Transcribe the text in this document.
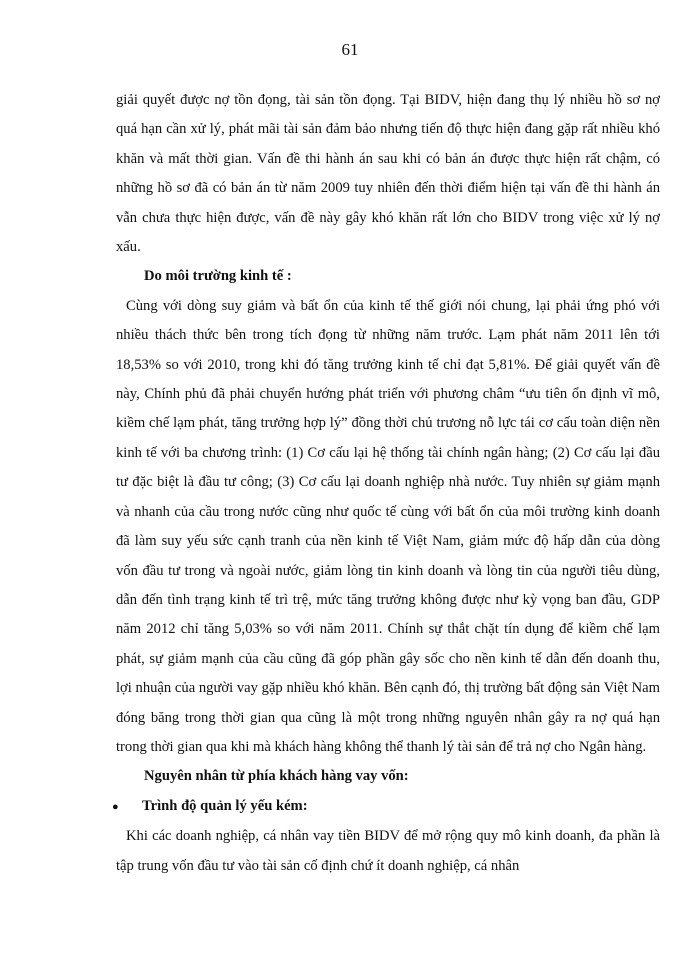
61

giải quyết được nợ tồn đọng, tài sản tồn đọng. Tại BIDV, hiện đang thụ lý nhiều hồ sơ nợ quá hạn cần xử lý, phát mãi tài sản đảm bảo nhưng tiến độ thực hiện đang gặp rất nhiều khó khăn và mất thời gian. Vấn đề thi hành án sau khi có bản án được thực hiện rất chậm, có những hồ sơ đã có bản án từ năm 2009 tuy nhiên đến thời điểm hiện tại vấn đề thi hành án vẫn chưa thực hiện được, vấn đề này gây khó khăn rất lớn cho BIDV trong việc xử lý nợ xấu.

Do môi trường kinh tế :

Cùng với dòng suy giảm và bất ổn của kinh tế thế giới nói chung, lại phải ứng phó với nhiều thách thức bên trong tích đọng từ những năm trước. Lạm phát năm 2011 lên tới 18,53% so với 2010, trong khi đó tăng trưởng kinh tế chỉ đạt 5,81%. Để giải quyết vấn đề này, Chính phủ đã phải chuyển hướng phát triển với phương châm “ưu tiên ổn định vĩ mô, kiềm chế lạm phát, tăng trưởng hợp lý” đồng thời chủ trương nỗ lực tái cơ cấu toàn diện nền kinh tế với ba chương trình: (1) Cơ cấu lại hệ thống tài chính ngân hàng; (2) Cơ cấu lại đầu tư đặc biệt là đầu tư công; (3) Cơ cấu lại doanh nghiệp nhà nước. Tuy nhiên sự giảm mạnh và nhanh của cầu trong nước cũng như quốc tế cùng với bất ổn của môi trường kinh doanh đã làm suy yếu sức cạnh tranh của nền kinh tế Việt Nam, giảm mức độ hấp dẫn của dòng vốn đầu tư trong và ngoài nước, giảm lòng tin kinh doanh và lòng tin của người tiêu dùng, dẫn đến tình trạng kinh tế trì trệ, mức tăng trưởng không được như kỳ vọng ban đầu, GDP năm 2012 chỉ tăng 5,03% so với năm 2011. Chính sự thắt chặt tín dụng để kiềm chế lạm phát, sự giảm mạnh của cầu cũng đã góp phần gây sốc cho nền kinh tế dẫn đến doanh thu, lợi nhuận của người vay gặp nhiều khó khăn. Bên cạnh đó, thị trường bất động sản Việt Nam đóng băng trong thời gian qua cũng là một trong những nguyên nhân gây ra nợ quá hạn trong thời gian qua khi mà khách hàng không thể thanh lý tài sản để trả nợ cho Ngân hàng.

Nguyên nhân từ phía khách hàng vay vốn:

●	Trình độ quản lý yếu kém:

Khi các doanh nghiệp, cá nhân vay tiền BIDV để mở rộng quy mô kinh doanh, đa phần là tập trung vốn đầu tư vào tài sản cố định chứ ít doanh nghiệp, cá nhân
